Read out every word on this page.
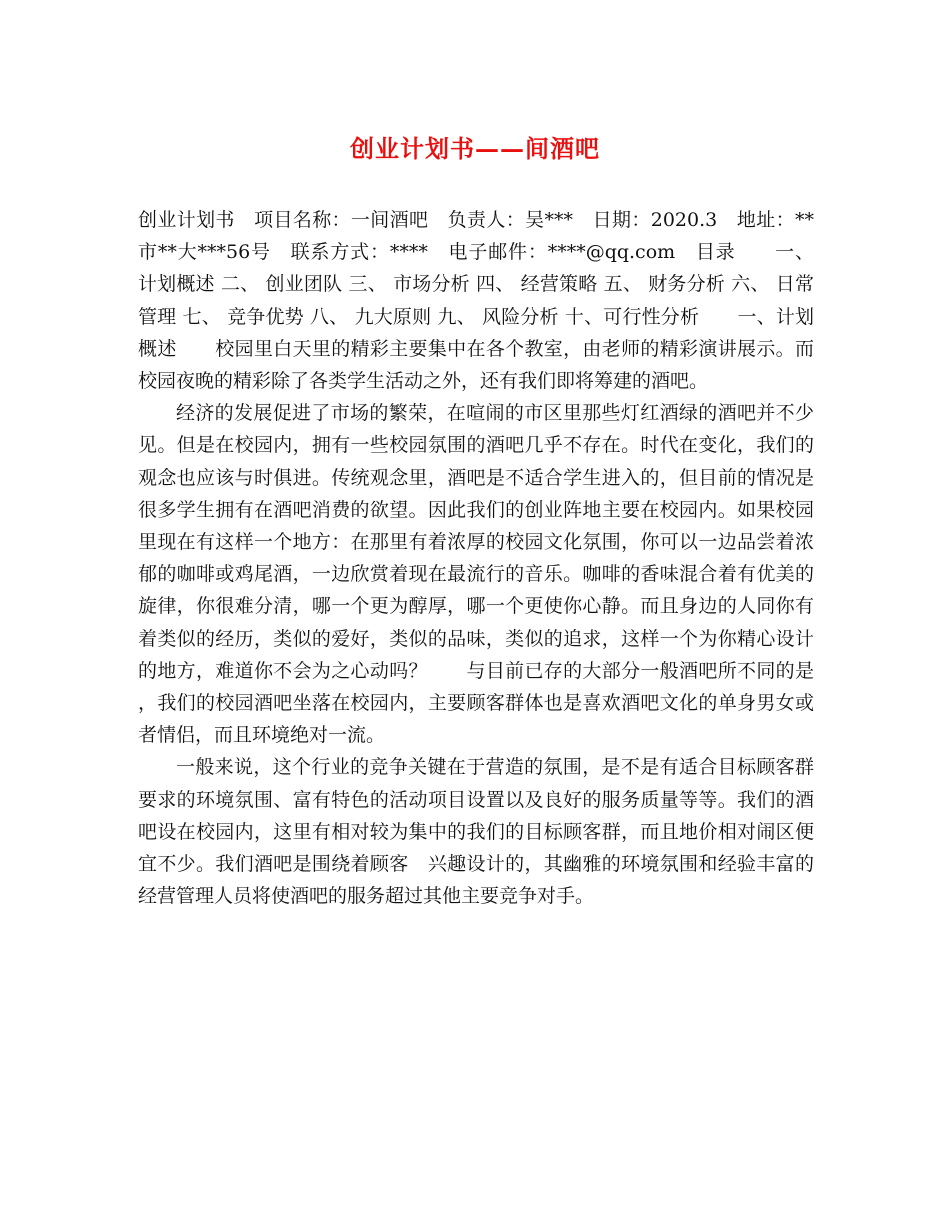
创业计划书——间酒吧

创业计划书　项目名称：一间酒吧　负责人：吴***　日期：2020.3　地址：**市**大***56号　联系方式：****　电子邮件：****@qq.com　目录　　一、 计划概述 二、 创业团队 三、 市场分析 四、 经营策略 五、 财务分析 六、 日常管理 七、 竞争优势 八、 九大原则 九、 风险分析 十、可行性分析　　一、计划概述　　校园里白天里的精彩主要集中在各个教室，由老师的精彩演讲展示。而校园夜晚的精彩除了各类学生活动之外，还有我们即将筹建的酒吧。

经济的发展促进了市场的繁荣，在喧闹的市区里那些灯红酒绿的酒吧并不少见。但是在校园内，拥有一些校园氛围的酒吧几乎不存在。时代在变化，我们的观念也应该与时俱进。传统观念里，酒吧是不适合学生进入的，但目前的情况是很多学生拥有在酒吧消费的欲望。因此我们的创业阵地主要在校园内。如果校园里现在有这样一个地方：在那里有着浓厚的校园文化氛围，你可以一边品尝着浓郁的咖啡或鸡尾酒，一边欣赏着现在最流行的音乐。咖啡的香味混合着有优美的旋律，你很难分清，哪一个更为醇厚，哪一个更使你心静。而且身边的人同你有着类似的经历，类似的爱好，类似的品味，类似的追求，这样一个为你精心设计的地方，难道你不会为之心动吗？　　与目前已存的大部分一般酒吧所不同的是，我们的校园酒吧坐落在校园内，主要顾客群体也是喜欢酒吧文化的单身男女或者情侣，而且环境绝对一流。

一般来说，这个行业的竞争关键在于营造的氛围，是不是有适合目标顾客群要求的环境氛围、富有特色的活动项目设置以及良好的服务质量等等。我们的酒吧设在校园内，这里有相对较为集中的我们的目标顾客群，而且地价相对闹区便宜不少。我们酒吧是围绕着顾客　兴趣设计的，其幽雅的环境氛围和经验丰富的经营管理人员将使酒吧的服务超过其他主要竞争对手。
